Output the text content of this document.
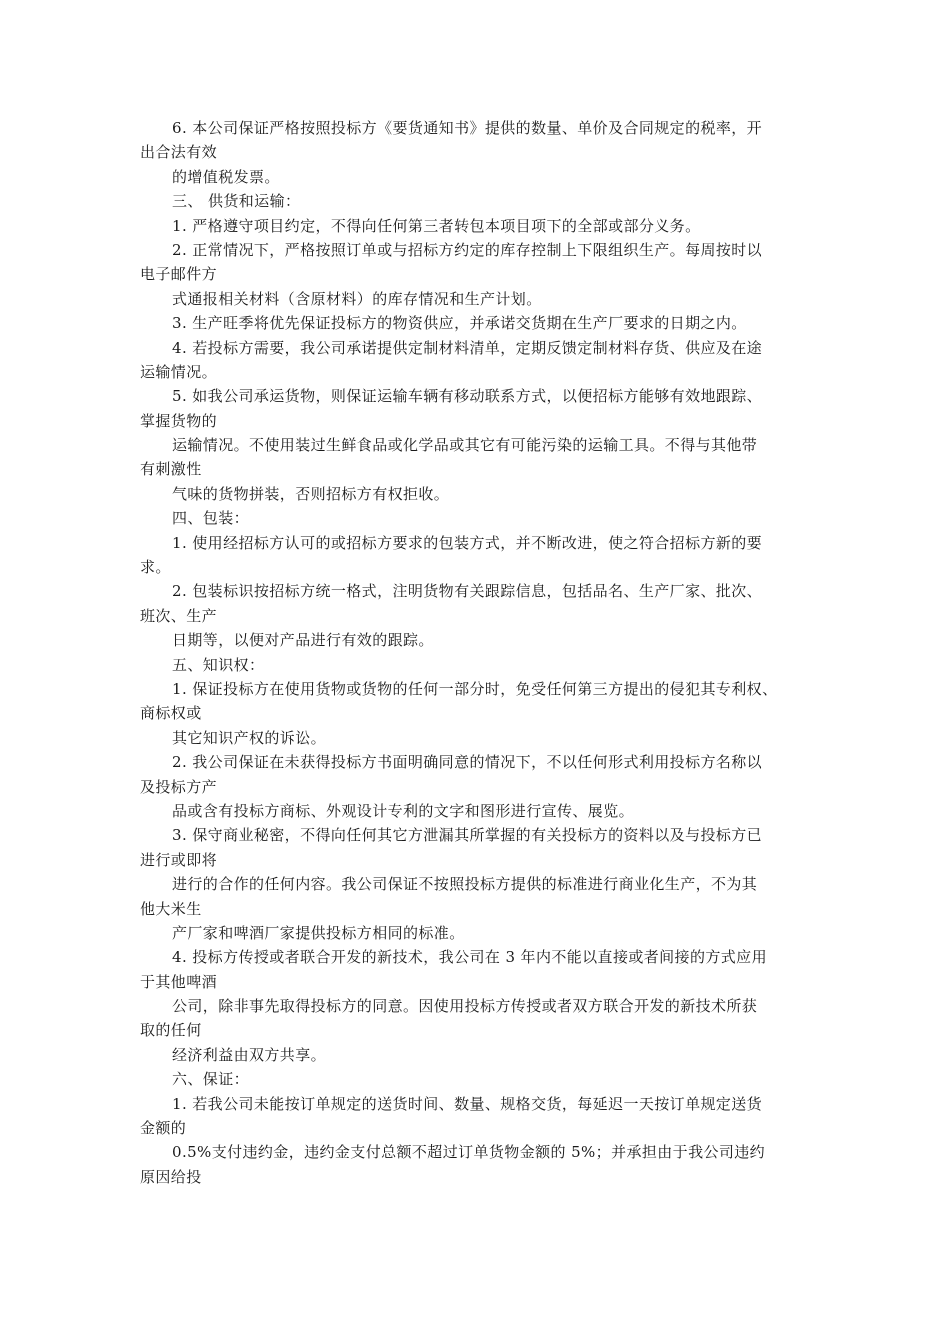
6. 本公司保证严格按照投标方《要货通知书》提供的数量、单价及合同规定的税率，开
出合法有效
的增值税发票。
三、 供货和运输：
1. 严格遵守项目约定，不得向任何第三者转包本项目项下的全部或部分义务。
2. 正常情况下，严格按照订单或与招标方约定的库存控制上下限组织生产。每周按时以
电子邮件方
式通报相关材料（含原材料）的库存情况和生产计划。
3. 生产旺季将优先保证投标方的物资供应，并承诺交货期在生产厂要求的日期之内。
4. 若投标方需要，我公司承诺提供定制材料清单，定期反馈定制材料存货、供应及在途
运输情况。
5. 如我公司承运货物，则保证运输车辆有移动联系方式，以便招标方能够有效地跟踪、
掌握货物的
运输情况。不使用装过生鲜食品或化学品或其它有可能污染的运输工具。不得与其他带
有刺激性
气味的货物拼装，否则招标方有权拒收。
四、包装：
1. 使用经招标方认可的或招标方要求的包装方式，并不断改进，使之符合招标方新的要
求。
2. 包装标识按招标方统一格式，注明货物有关跟踪信息，包括品名、生产厂家、批次、
班次、生产
日期等，以便对产品进行有效的跟踪。
五、知识权：
1. 保证投标方在使用货物或货物的任何一部分时，免受任何第三方提出的侵犯其专利权、
商标权或
其它知识产权的诉讼。
2. 我公司保证在未获得投标方书面明确同意的情况下，不以任何形式利用投标方名称以
及投标方产
品或含有投标方商标、外观设计专利的文字和图形进行宣传、展览。
3. 保守商业秘密，不得向任何其它方泄漏其所掌握的有关投标方的资料以及与投标方已
进行或即将
进行的合作的任何内容。我公司保证不按照投标方提供的标准进行商业化生产，不为其
他大米生
产厂家和啤酒厂家提供投标方相同的标准。
4. 投标方传授或者联合开发的新技术，我公司在 3 年内不能以直接或者间接的方式应用
于其他啤酒
公司，除非事先取得投标方的同意。因使用投标方传授或者双方联合开发的新技术所获
取的任何
经济利益由双方共享。
六、保证：
1. 若我公司未能按订单规定的送货时间、数量、规格交货，每延迟一天按订单规定送货
金额的
0.5%支付违约金，违约金支付总额不超过订单货物金额的 5%；并承担由于我公司违约
原因给投
